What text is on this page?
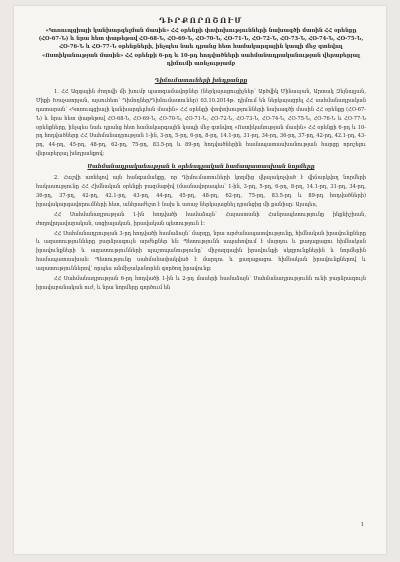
ԴԻՐՔՈՐՈՇՈՒՄ
«Կոռուպցիայի կանխարգելման մասին» ՀՀ օրենքի փոփոխությունների նախագծի մասին ՀՀ օրենքը (ՀՕ-67-Ն) և նրա հետ փաթեթով ՀՕ-68-Ն, ՀՕ-69-Ն, ՀՕ-70-Ն, ՀՕ-71-Ն, ՀՕ-72-Ն, ՀՕ-73-Ն, ՀՕ-74-Ն, ՀՕ-75-Ն, ՀՕ-76-Ն և ՀՕ-77-Ն օրենքների, ինչպես նաև դրանց հետ համակարգային կապի մեջ գտնվող «Ոստիկանության մասին» ՀՀ օրենքի 6-րդ և 10-րդ հոդվածների սահմանադրականության վերաբերյալ դիմումի առնչությամբ
Դիմումատուների խնդրանքը

1. ՀՀ Ազգային ժողովի մի խումբ պատգամավորներ (ներկայացուցիչներ՝ Արծվիկ Մինասյան, Արտակ Զեյնալյան, Միքի Խաչատրյան, այսուհետ՝ Դիմողներ/Դիմումատուներ) 03.10.2014թ. դիմում են ներկայացրել ՀՀ սահմանադրական դատարան՝ «Կոռուպցիայի կանխարգելման մասին» ՀՀ օրենքի փոփոխությունների նախագծի մասին ՀՀ օրենքը (ՀՕ-67-Ն) և նրա հետ փաթեթով ՀՕ-68-Ն, ՀՕ-69-Ն, ՀՕ-70-Ն, ՀՕ-71-Ն, ՀՕ-72-Ն, ՀՕ-73-Ն, ՀՕ-74-Ն, ՀՕ-75-Ն, ՀՕ-76-Ն և ՀՕ-77-Ն օրենքները, ինչպես նաև դրանց հետ համակարգային կապի մեջ գտնվող «Ոստիկանության մասին» ՀՀ օրենքի 6-րդ և 10-րդ հոդվածները ՀՀ Սահմանադրության 1-ին, 3-րդ, 5-րդ, 6-րդ, 8-րդ, 14.1-րդ, 31-րդ, 34-րդ, 36-րդ, 37-րդ, 42-րդ, 42.1-րդ, 43-րդ, 44-րդ, 45-րդ, 48-րդ, 62-րդ, 75-րդ, 83.5-րդ և 89-րդ հոդվածներին համապատասխանության հարցը որոշելու վերաբերյալ խնդրանքով:

Սահմանադրականության և օրենսդրական համապատասխան նորմերը

2. Հաշվի առնելով այն հանգամանքը, որ Դիմումատուների կողմից վկայակոչված է վիճարկվող նորմերի հակասությունը ՀՀ Հիմնական օրենքի բազմաթիվ (մասնավորապես՝ 1-ին, 3-րդ, 5-րդ, 6-րդ, 8-րդ, 14.1-րդ, 31-րդ, 34-րդ, 36-րդ, 37-րդ, 42-րդ, 42.1-րդ, 43-րդ, 44-րդ, 45-րդ, 48-րդ, 62-րդ, 75-րդ, 83.5-րդ և 89-րդ հոդվածների) իրավակարգավորումների հետ, անհրաժեշտ է նախ և առաջ ներկայացնել դրանցից մի քանիսը: Այսպես,

ՀՀ Սահմանադրության 1-ին հոդվածի համաձայն՝ Հայաստանի Հանրապետությունը ինքնիշխան, ժողովրդավարական, սոցիալական, իրավական պետություն է:

ՀՀ Սահմանադրության 3-րդ հոդվածի համաձայն՝ մարդը, նրա արժանապատվությունը, հիմնական իրավունքները և ազատությունները բարձրագույն արժեքներ են: Պետությունն ապահովում է մարդու և քաղաքացու հիմնական իրավունքների և ազատությունների պաշտպանությունը՝ միջազգային իրավունքի սկզբունքներին և նորմերին համապատասխան: Պետությունը սահմանափակված է մարդու և քաղաքացու հիմնական իրավունքներով և ազատություններով՝ որպես անմիջականորեն գործող իրավունք:

ՀՀ Սահմանադրության 6-րդ հոդվածի 1-ին և 2-րդ մասերի համաձայն՝ Սահմանադրությունն ունի բարձրագույն իրավաբանական ուժ, և նրա նորմերը գործում են

1
